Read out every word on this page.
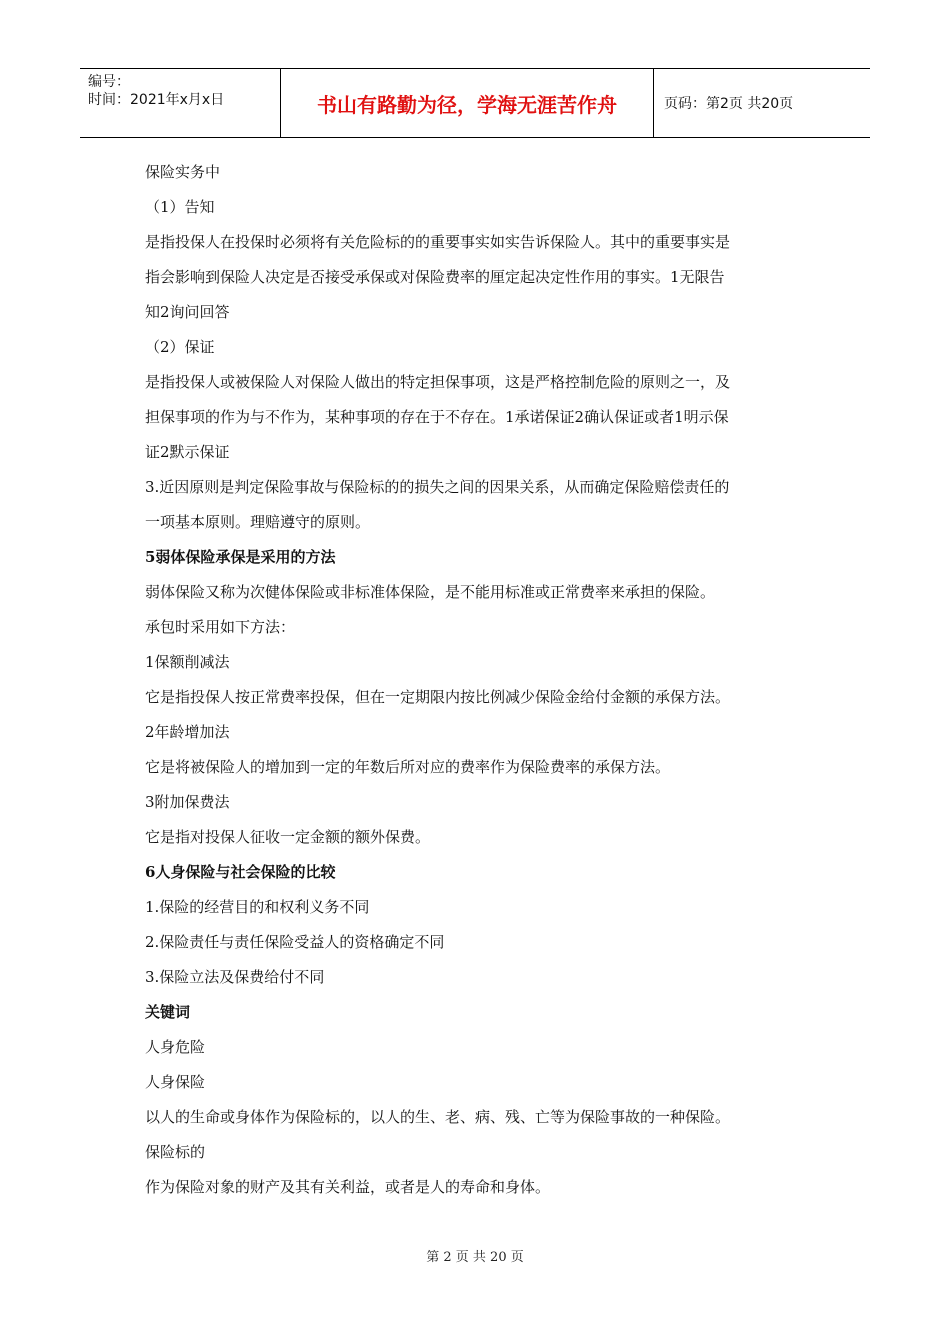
编号：
时间：2021年x月x日	书山有路勤为径，学海无涯苦作舟	页码：第2页 共20页

保险实务中

（1）告知

是指投保人在投保时必须将有关危险标的的重要事实如实告诉保险人。其中的重要事实是

指会影响到保险人决定是否接受承保或对保险费率的厘定起决定性作用的事实。1无限告

知2询问回答

（2）保证

是指投保人或被保险人对保险人做出的特定担保事项，这是严格控制危险的原则之一，及

担保事项的作为与不作为，某种事项的存在于不存在。1承诺保证2确认保证或者1明示保

证2默示保证

3.近因原则是判定保险事故与保险标的的损失之间的因果关系，从而确定保险赔偿责任的

一项基本原则。理赔遵守的原则。

5弱体保险承保是采用的方法

弱体保险又称为次健体保险或非标准体保险，是不能用标准或正常费率来承担的保险。

承包时采用如下方法：

1保额削减法

它是指投保人按正常费率投保，但在一定期限内按比例减少保险金给付金额的承保方法。

2年龄增加法

它是将被保险人的增加到一定的年数后所对应的费率作为保险费率的承保方法。

3附加保费法

它是指对投保人征收一定金额的额外保费。

6人身保险与社会保险的比较

1.保险的经营目的和权利义务不同

2.保险责任与责任保险受益人的资格确定不同

3.保险立法及保费给付不同

关键词

人身危险

人身保险

以人的生命或身体作为保险标的，以人的生、老、病、残、亡等为保险事故的一种保险。

保险标的

作为保险对象的财产及其有关利益，或者是人的寿命和身体。

第 2 页 共 20 页
